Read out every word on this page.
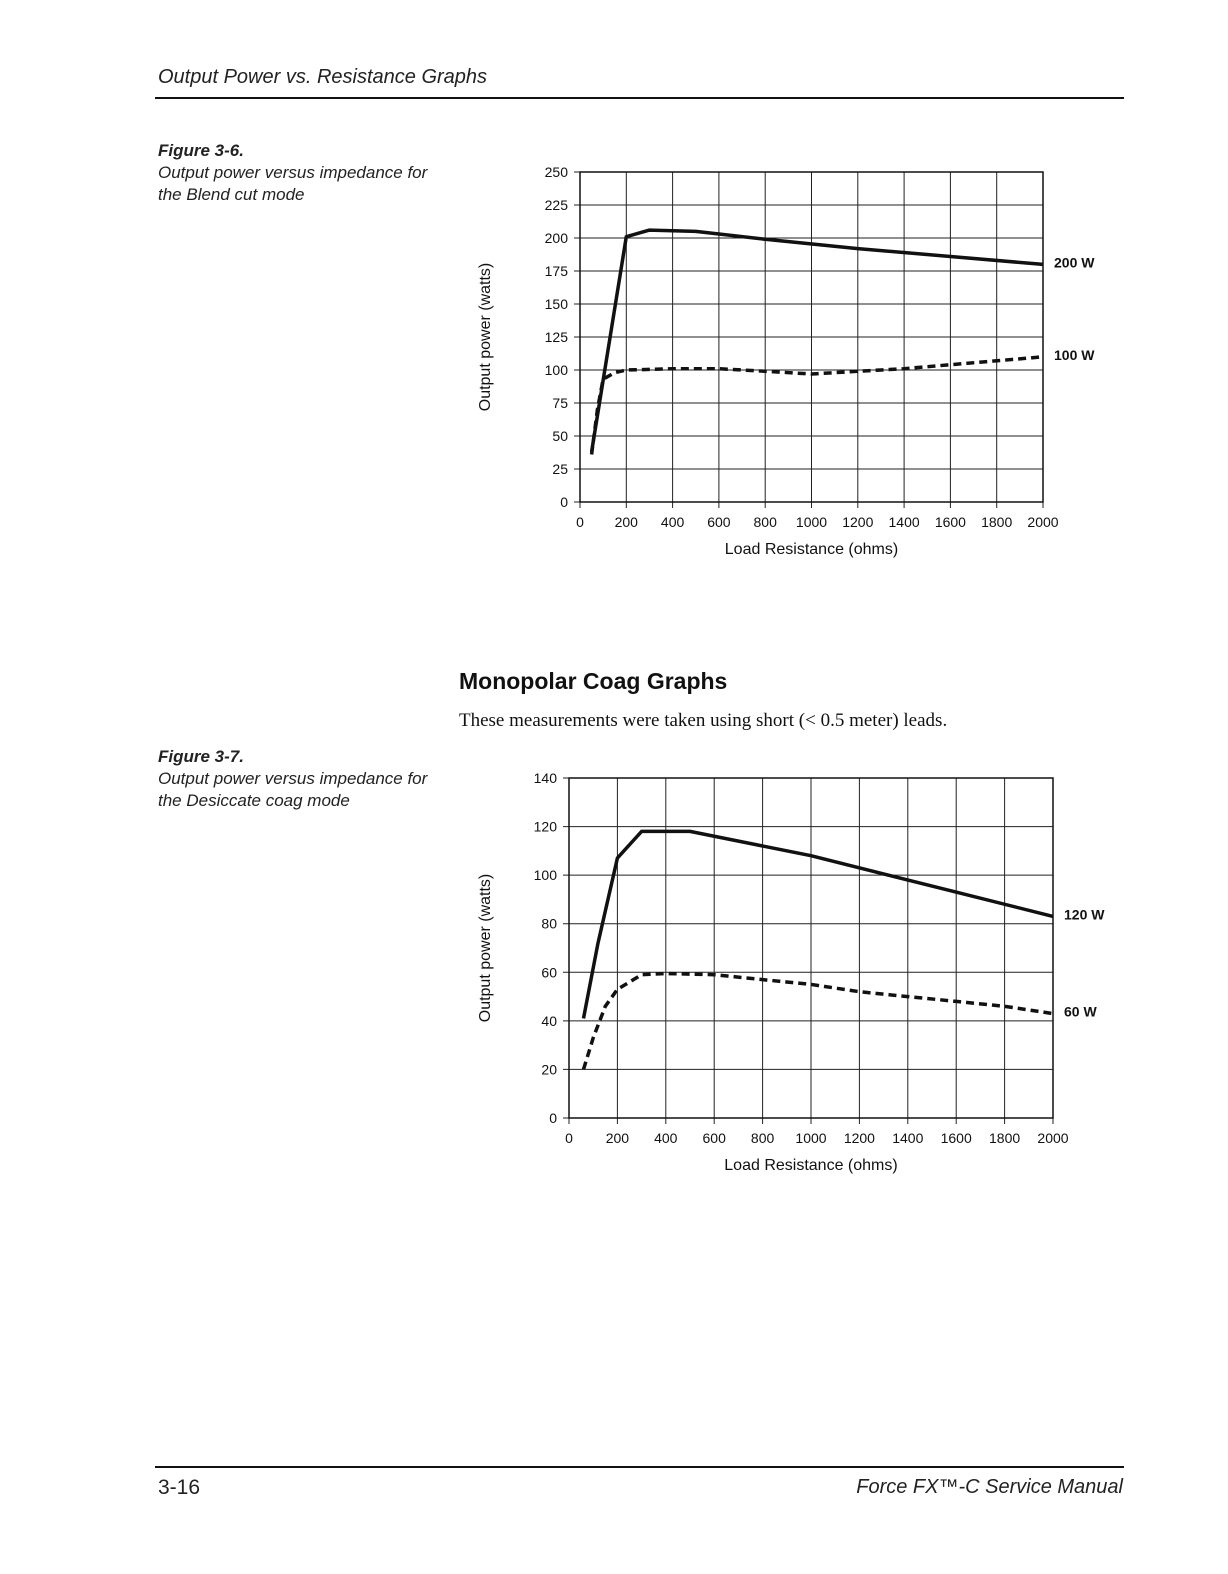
Output Power vs. Resistance Graphs
Figure 3-6.
Output power versus impedance for the Blend cut mode
Monopolar Coag Graphs
These measurements were taken using short (< 0.5 meter) leads.
Figure 3-7.
Output power versus impedance for the Desiccate coag mode
0 200 400 600 800 1000 1200 1400 1600 1800 2000
0
25
50
75
100
125
150
175
200
225
250
Load Resistance (ohms)
Output power (watts)
200 W
100 W
0 200 400 600 800 1000 1200 1400 1600 1800 2000
0
20
40
60
80
100
120
140
Load Resistance (ohms)
Output power (watts)	120 W
60 W
3-16	Force FX™-C Service Manual
